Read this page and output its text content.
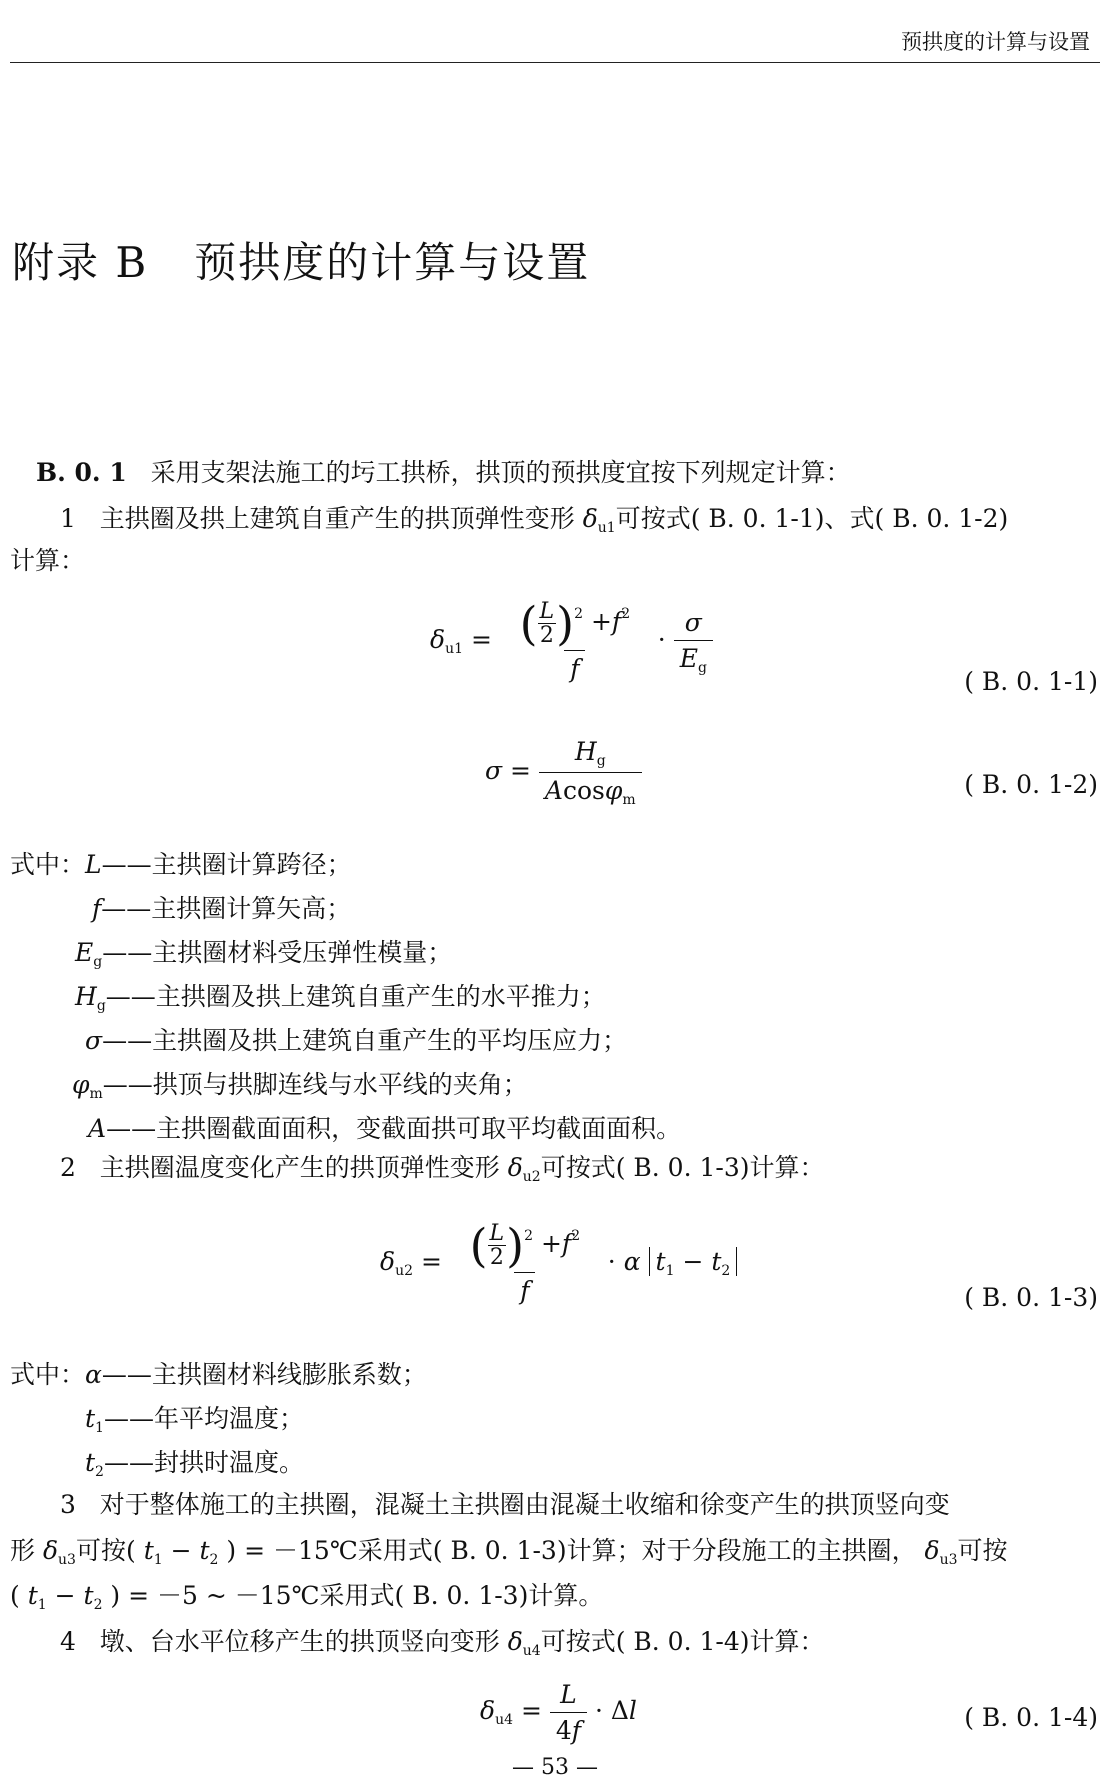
预拱度的计算与设置
附录 B 预拱度的计算与设置
B. 0. 1 采用支架法施工的圬工拱桥，拱顶的预拱度宜按下列规定计算：
1 主拱圈及拱上建筑自重产生的拱顶弹性变形 $\delta_{u1}$可按式( B. 0. 1-1)、式( B. 0. 1-2)
计算：
$\delta_{u1} = \frac{( \frac{L}{2} )^2 +f^2}{f} \cdot \frac{\sigma}{E_g}$
( B. 0. 1-1)
$\sigma = \frac{H_g}{Acos\varphi_m}$	( B. 0. 1-2)
式中：L——主拱圈计算跨径；
f——主拱圈计算矢高；
$E_g——$主拱圈材料受压弹性模量；
$H_g——$主拱圈及拱上建筑自重产生的水平推力；
σ——主拱圈及拱上建筑自重产生的平均压应力；
$\varphi_m——$拱顶与拱脚连线与水平线的夹角；
A——主拱圈截面面积，变截面拱可取平均截面面积。
2 主拱圈温度变化产生的拱顶弹性变形 $\delta_{u2}$可按式( B. 0. 1-3)计算：
$\delta_{u2} = \frac{( \frac{L}{2} )^2 +f^2}{f} \cdot \alpha$ $t_1 - t_2$
( B. 0. 1-3)
式中：α——主拱圈材料线膨胀系数；
$t_1——$年平均温度；
$t_2——$封拱时温度。
3 对于整体施工的主拱圈，混凝土主拱圈由混凝土收缩和徐变产生的拱顶竖向变
形 $\delta_{u3}$可按( $t_1 - t_2$ ) = －15℃采用式( B. 0. 1-3)计算；对于分段施工的主拱圈， $\delta_{u3}$可按
( $t_1 - t_2$ ) = －5 ~ －15℃采用式( B. 0. 1-3)计算。
4 墩、台水平位移产生的拱顶竖向变形 $\delta_{u4}$可按式( B. 0. 1-4)计算：
$\delta_{u4} = \frac{L}{4f} \cdot \Delta l$	( B. 0. 1-4)
— 53 —
